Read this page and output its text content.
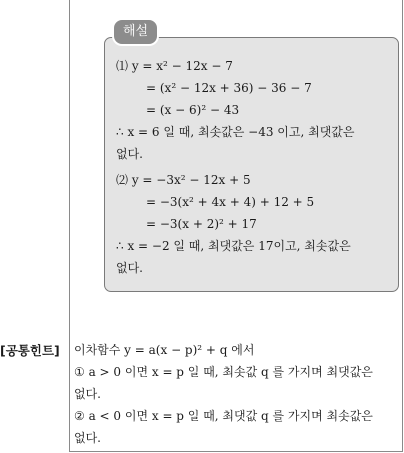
해설
⑴ y = x² − 12x − 7
= (x² − 12x + 36) − 36 − 7
= (x − 6)² − 43
∴ x = 6 일 때, 최솟값은 −43 이고, 최댓값은
없다.
⑵ y = −3x² − 12x + 5
= −3(x² + 4x + 4) + 12 + 5
= −3(x + 2)² + 17
∴ x = −2 일 때, 최댓값은 17이고, 최솟값은
없다.
[공통힌트] 이차함수 y = a(x − p)² + q 에서
① a > 0 이면 x = p 일 때, 최솟값 q 를 가지며 최댓값은
없다.
② a < 0 이면 x = p 일 때, 최댓값 q 를 가지며 최솟값은
없다.
